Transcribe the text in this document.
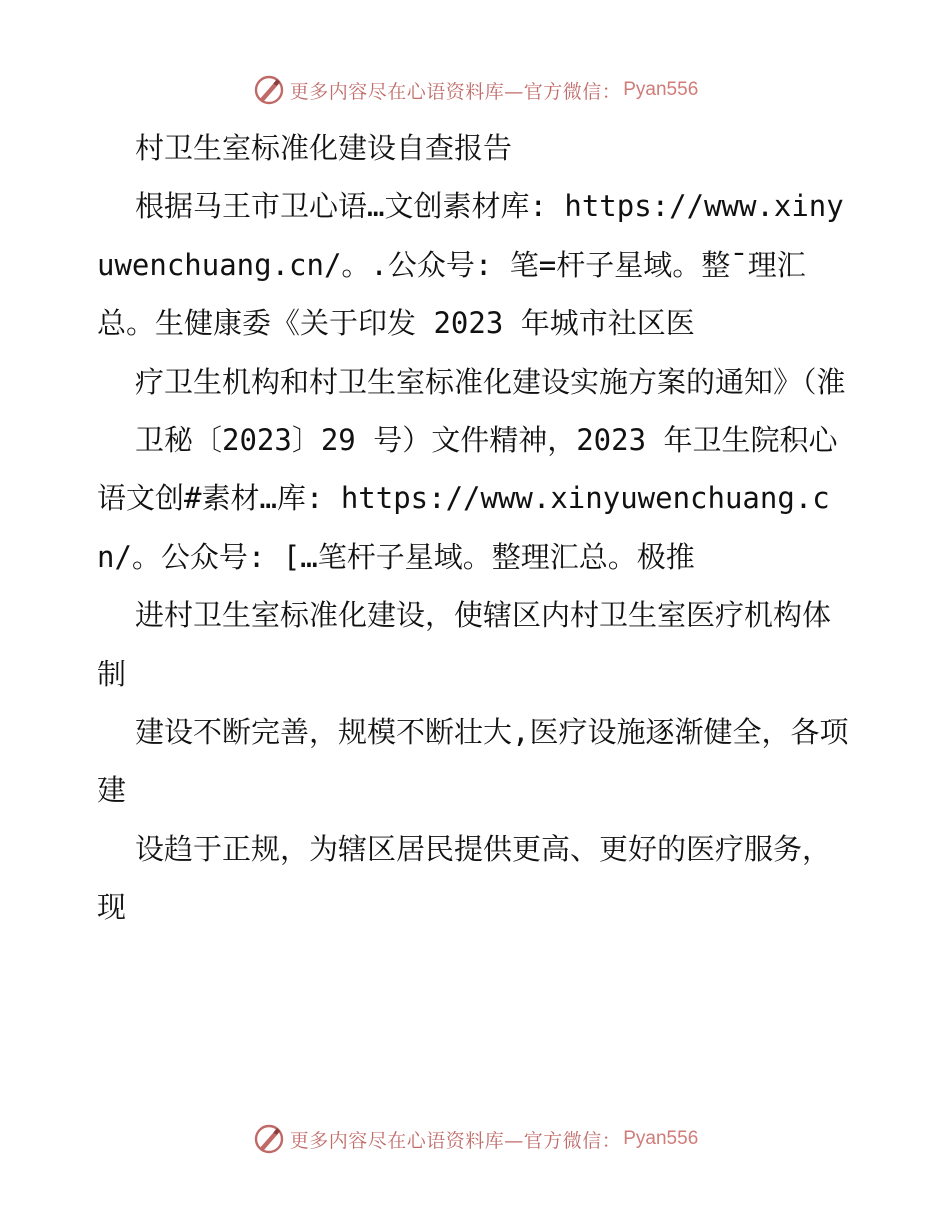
更多内容尽在心语资料库—官方微信： Pyan556

村卫生室标准化建设自查报告

根据马王市卫心语…文创素材库: https://www.xinyuwenchuang.cn/。.公众号: 笔=杆子星域。整¯理汇总。生健康委《关于印发 2023 年城市社区医

疗卫生机构和村卫生室标准化建设实施方案的通知》（淮

卫秘〔2023〕29 号）文件精神，2023 年卫生院积心语文创#素材…库: https://www.xinyuwenchuang.cn/。公众号: […笔杆子星域。整理汇总。极推

进村卫生室标准化建设，使辖区内村卫生室医疗机构体制

建设不断完善，规模不断壮大,医疗设施逐渐健全，各项建

设趋于正规，为辖区居民提供更高、更好的医疗服务，现

更多内容尽在心语资料库—官方微信： Pyan556
